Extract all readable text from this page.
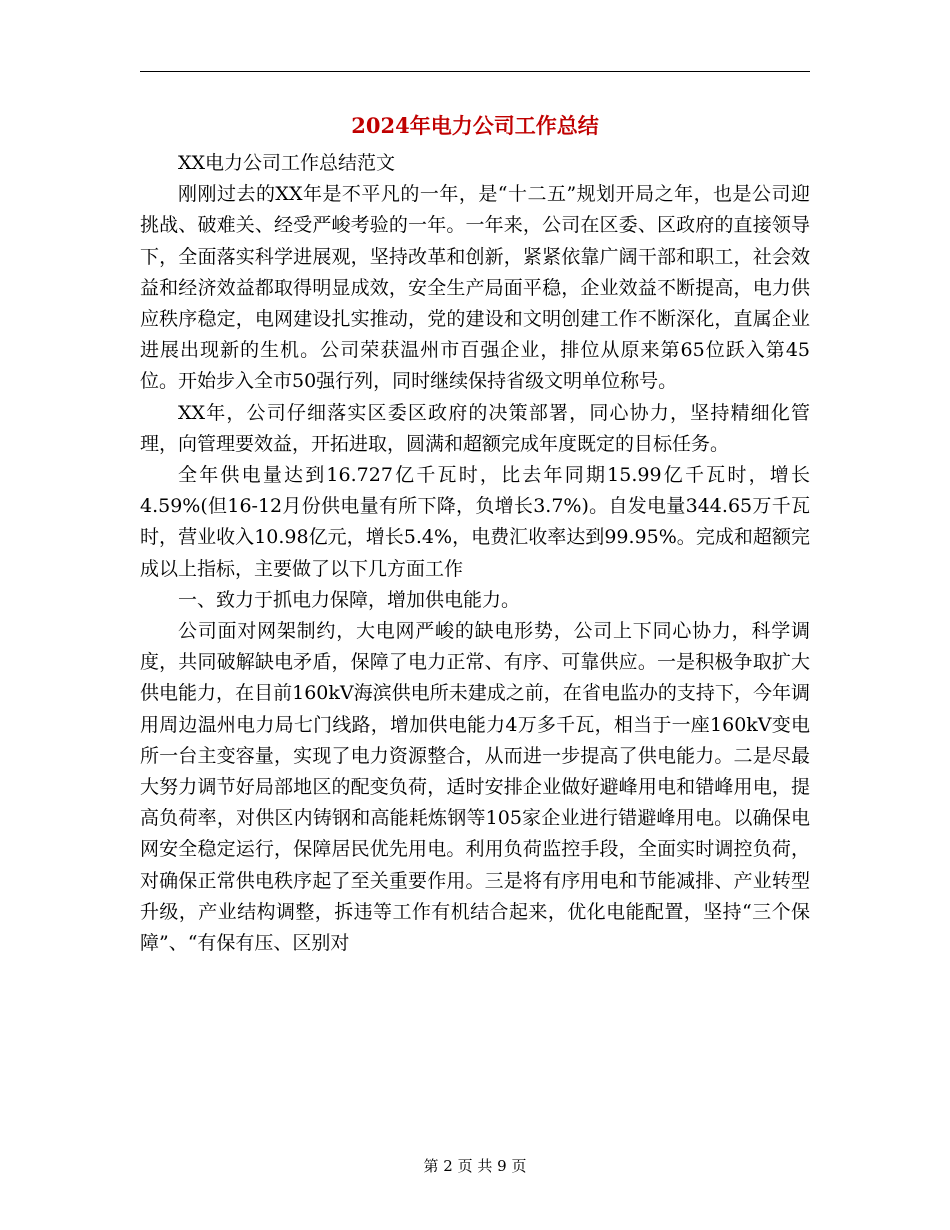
2024年电力公司工作总结

XX电力公司工作总结范文

刚刚过去的XX年是不平凡的一年，是“十二五”规划开局之年，也是公司迎挑战、破难关、经受严峻考验的一年。一年来，公司在区委、区政府的直接领导下，全面落实科学进展观，坚持改革和创新，紧紧依靠广阔干部和职工，社会效益和经济效益都取得明显成效，安全生产局面平稳，企业效益不断提高，电力供应秩序稳定，电网建设扎实推动，党的建设和文明创建工作不断深化，直属企业进展出现新的生机。公司荣获温州市百强企业，排位从原来第65位跃入第45位。开始步入全市50强行列，同时继续保持省级文明单位称号。

XX年，公司仔细落实区委区政府的决策部署，同心协力，坚持精细化管理，向管理要效益，开拓进取，圆满和超额完成年度既定的目标任务。

全年供电量达到16.727亿千瓦时，比去年同期15.99亿千瓦时，增长4.59%(但16-12月份供电量有所下降，负增长3.7%)。自发电量344.65万千瓦时，营业收入10.98亿元，增长5.4%，电费汇收率达到99.95%。完成和超额完成以上指标，主要做了以下几方面工作

一、致力于抓电力保障，增加供电能力。

公司面对网架制约，大电网严峻的缺电形势，公司上下同心协力，科学调度，共同破解缺电矛盾，保障了电力正常、有序、可靠供应。一是积极争取扩大供电能力，在目前160kV海滨供电所未建成之前，在省电监办的支持下，今年调用周边温州电力局七门线路，增加供电能力4万多千瓦，相当于一座160kV变电所一台主变容量，实现了电力资源整合，从而进一步提高了供电能力。二是尽最大努力调节好局部地区的配变负荷，适时安排企业做好避峰用电和错峰用电，提高负荷率，对供区内铸钢和高能耗炼钢等105家企业进行错避峰用电。以确保电网安全稳定运行，保障居民优先用电。利用负荷监控手段，全面实时调控负荷，对确保正常供电秩序起了至关重要作用。三是将有序用电和节能减排、产业转型升级，产业结构调整，拆违等工作有机结合起来，优化电能配置，坚持“三个保障”、“有保有压、区别对

第 2 页 共 9 页
